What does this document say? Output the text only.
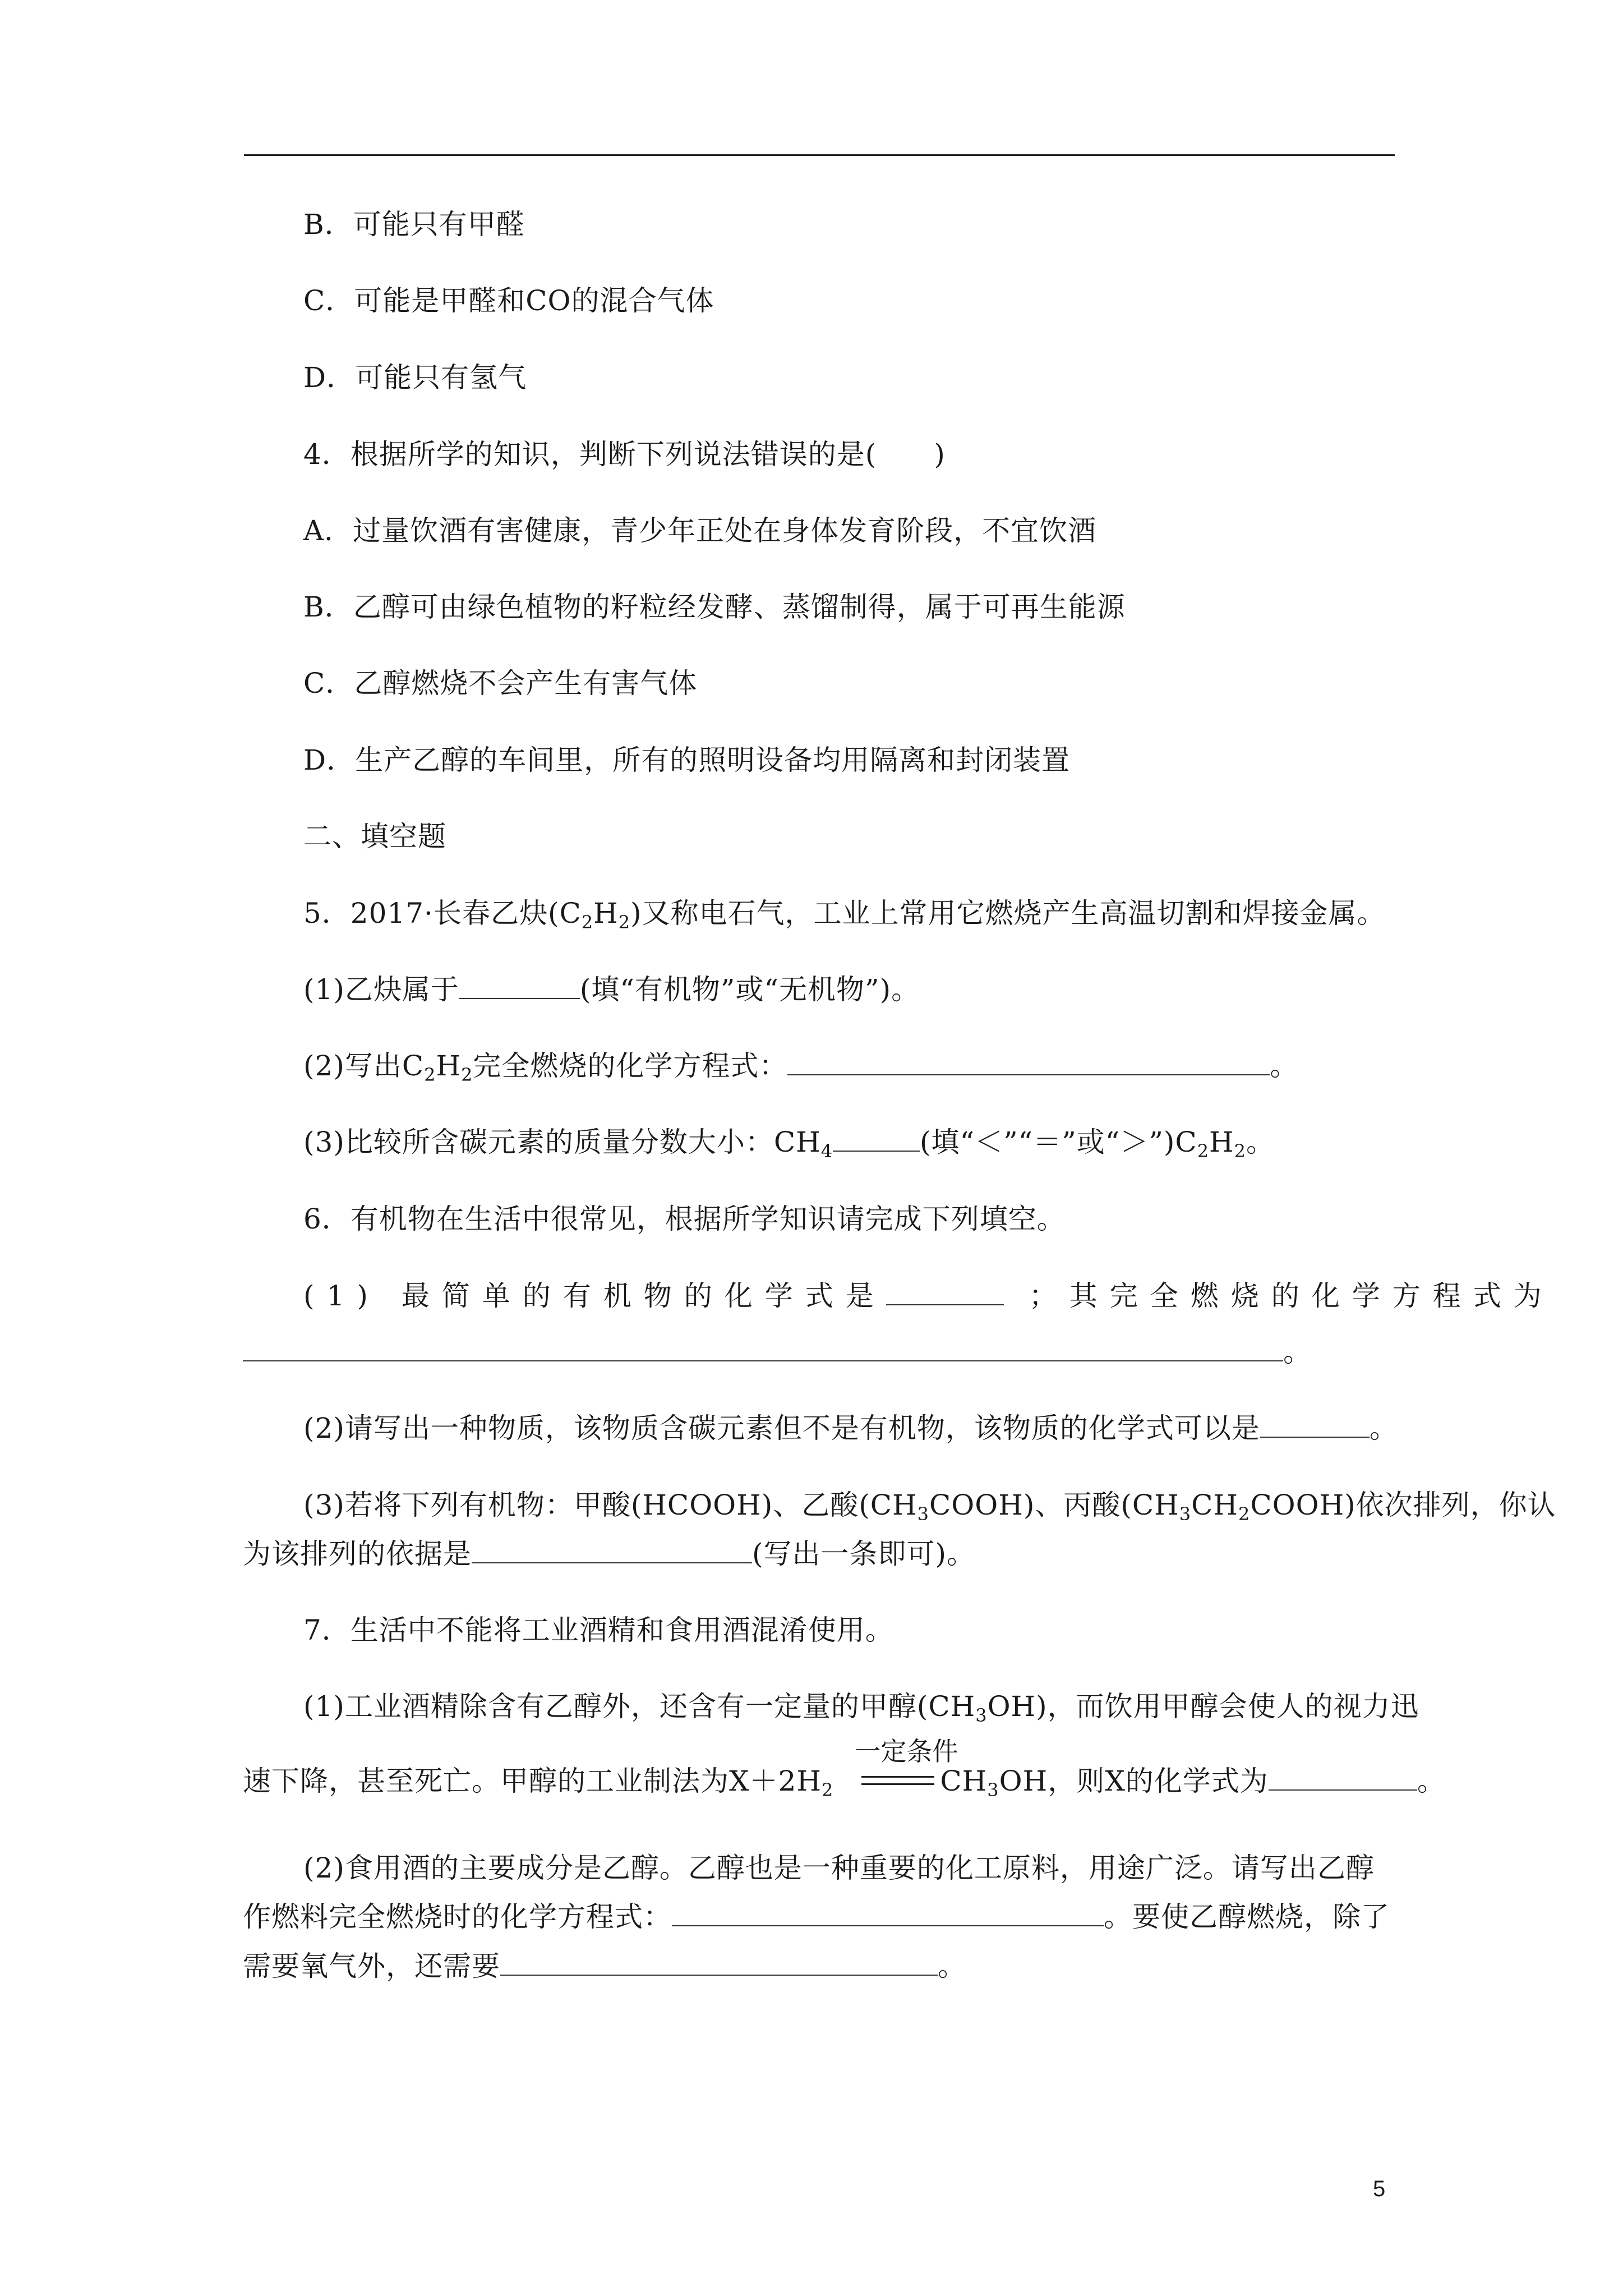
B．可能只有甲醛
C．可能是甲醛和CO的混合气体
D．可能只有氢气
4．根据所学的知识，判断下列说法错误的是(　　)
A．过量饮酒有害健康，青少年正处在身体发育阶段，不宜饮酒
B．乙醇可由绿色植物的籽粒经发酵、蒸馏制得，属于可再生能源
C．乙醇燃烧不会产生有害气体
D．生产乙醇的车间里，所有的照明设备均用隔离和封闭装置
二、填空题
5．2017·长春乙炔$(C_2H_2)$又称电石气，工业上常用它燃烧产生高温切割和焊接金属。
(1)乙炔属于	(填“有机物”或“无机物”)。
(2)写出$C_2H_2$完全燃烧的化学方程式：	。
(3)比较所含碳元素的质量分数大小：$CH_4$	(填“＜”“＝”或“$>”)C_2H_2$。
6．有机物在生活中很常见，根据所学知识请完成下列填空。
(1) 最简单的有机物的化学式是	；其完全燃烧的化学方程式为
。
(2)请写出一种物质，该物质含碳元素但不是有机物，该物质的化学式可以是	。
(3)若将下列有机物：甲酸(HCOOH)、乙酸$(CH_3COOH)$、丙酸$(CH_3CH_2COOH)$依次排列，你认
为该排列的依据是	(写出一条即可)。
7．生活中不能将工业酒精和食用酒混淆使用。
(1)工业酒精除含有乙醇外，还含有一定量的甲醇$(CH_3OH)$，而饮用甲醇会使人的视力迅
速下降，甚至死亡。甲醇的工业制法为$X+2H_2$
一定条件
$CH_3OH$，则X的化学式为	。
(2)食用酒的主要成分是乙醇。乙醇也是一种重要的化工原料，用途广泛。请写出乙醇
作燃料完全燃烧时的化学方程式：	。要使乙醇燃烧，除了
需要氧气外，还需要	。
5
